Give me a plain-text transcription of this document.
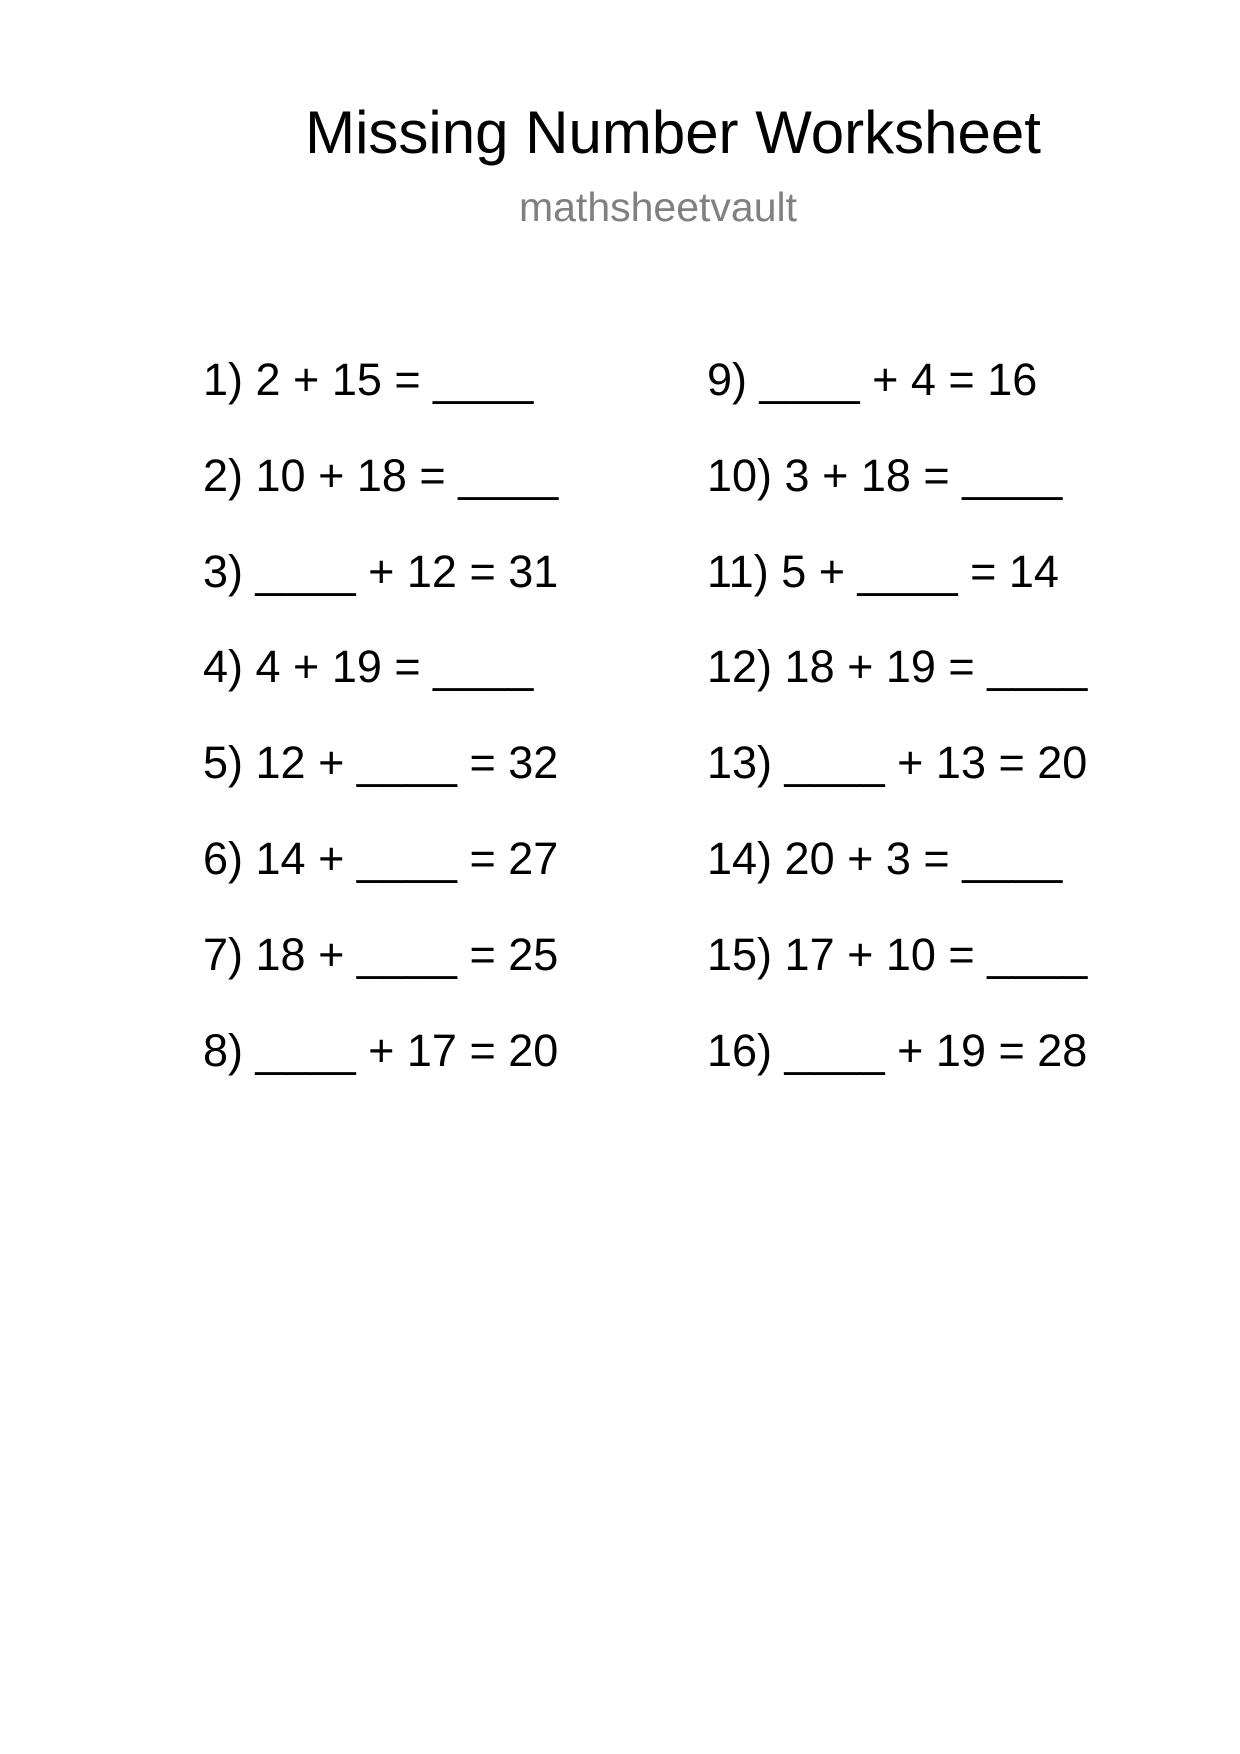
Missing Number Worksheet
mathsheetvault
1) 2 + 15 = ____
2) 10 + 18 = ____
3) ____ + 12 = 31
4) 4 + 19 = ____
5) 12 + ____ = 32
6) 14 + ____ = 27
7) 18 + ____ = 25
8) ____ + 17 = 20
9) ____ + 4 = 16
10) 3 + 18 = ____
11) 5 + ____ = 14
12) 18 + 19 = ____
13) ____ + 13 = 20
14) 20 + 3 = ____
15) 17 + 10 = ____
16) ____ + 19 = 28
